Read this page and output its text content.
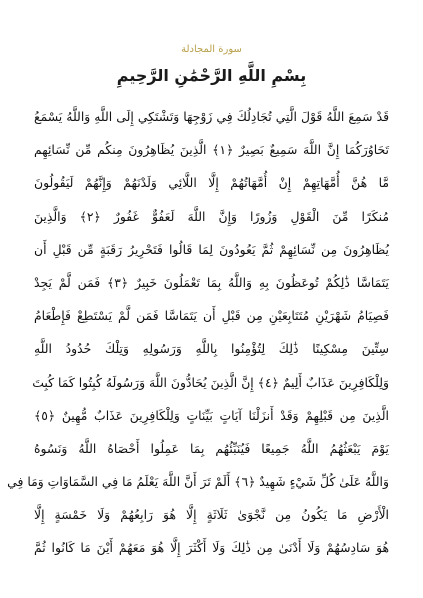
سورة المجادلة
بِسْمِ اللَّهِ الرَّحْمَٰنِ الرَّحِيمِ
قَدْ سَمِعَ اللَّهُ قَوْلَ الَّتِي تُجَادِلُكَ فِي زَوْجِهَا وَتَشْتَكِي إِلَى اللَّهِ وَاللَّهُ يَسْمَعُ
تَحَاوُرَكُمَا إِنَّ اللَّهَ سَمِيعٌ بَصِيرٌ ﴿١﴾ الَّذِينَ يُظَاهِرُونَ مِنكُم مِّن نِّسَائِهِم
مَّا هُنَّ أُمَّهَاتِهِمْ إِنْ أُمَّهَاتُهُمْ إِلَّا اللَّائِي وَلَدْنَهُمْ وَإِنَّهُمْ لَيَقُولُونَ
مُنكَرًا مِّنَ الْقَوْلِ وَزُورًا وَإِنَّ اللَّهَ لَعَفُوٌّ غَفُورٌ ﴿٢﴾ وَالَّذِينَ
يُظَاهِرُونَ مِن نِّسَائِهِمْ ثُمَّ يَعُودُونَ لِمَا قَالُوا فَتَحْرِيرُ رَقَبَةٍ مِّن قَبْلِ أَن
يَتَمَاسَّا ذَٰلِكُمْ تُوعَظُونَ بِهِ وَاللَّهُ بِمَا تَعْمَلُونَ خَبِيرٌ ﴿٣﴾ فَمَن لَّمْ يَجِدْ
فَصِيَامُ شَهْرَيْنِ مُتَتَابِعَيْنِ مِن قَبْلِ أَن يَتَمَاسَّا فَمَن لَّمْ يَسْتَطِعْ فَإِطْعَامُ
سِتِّينَ مِسْكِينًا ذَٰلِكَ لِتُؤْمِنُوا بِاللَّهِ وَرَسُولِهِ وَتِلْكَ حُدُودُ اللَّهِ
وَلِلْكَافِرِينَ عَذَابٌ أَلِيمٌ ﴿٤﴾ إِنَّ الَّذِينَ يُحَادُّونَ اللَّهَ وَرَسُولَهُ كُبِتُوا كَمَا كُبِتَ
الَّذِينَ مِن قَبْلِهِمْ وَقَدْ أَنزَلْنَا آيَاتٍ بَيِّنَاتٍ وَلِلْكَافِرِينَ عَذَابٌ مُّهِينٌ ﴿٥﴾
يَوْمَ يَبْعَثُهُمُ اللَّهُ جَمِيعًا فَيُنَبِّئُهُم بِمَا عَمِلُوا أَحْصَاهُ اللَّهُ وَنَسُوهُ
وَاللَّهُ عَلَىٰ كُلِّ شَيْءٍ شَهِيدٌ ﴿٦﴾ أَلَمْ تَرَ أَنَّ اللَّهَ يَعْلَمُ مَا فِي السَّمَاوَاتِ وَمَا فِي
الْأَرْضِ مَا يَكُونُ مِن نَّجْوَىٰ ثَلَاثَةٍ إِلَّا هُوَ رَابِعُهُمْ وَلَا خَمْسَةٍ إِلَّا
هُوَ سَادِسُهُمْ وَلَا أَدْنَىٰ مِن ذَٰلِكَ وَلَا أَكْثَرَ إِلَّا هُوَ مَعَهُمْ أَيْنَ مَا كَانُوا ثُمَّ
